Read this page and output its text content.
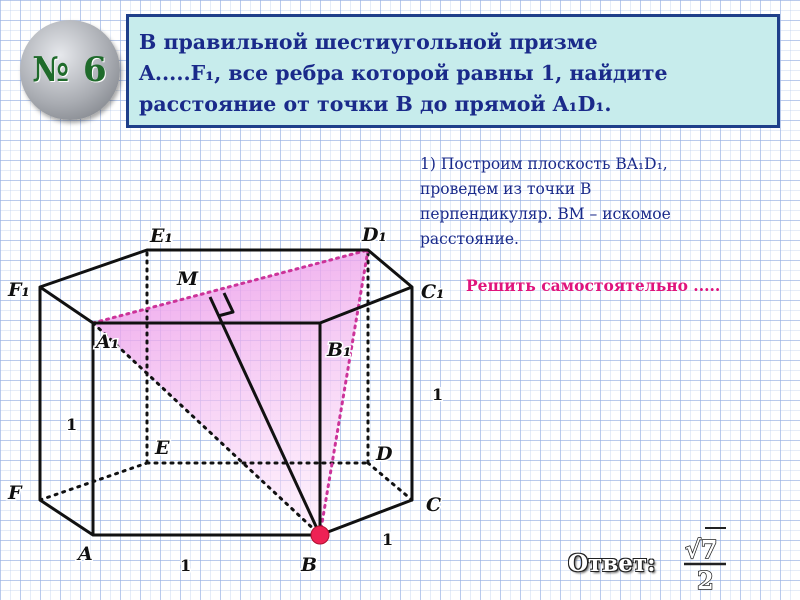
№ 6

В правильной шестиугольной призме
A.....F₁, все ребра которой равны 1, найдите
расстояние от точки B до прямой A₁D₁.

1) Построим плоскость BA₁D₁,
проведем из точки B
перпендикуляр. BM – искомое
расстояние.

Решить самостоятельно .....
Ответ:
A	B
C
D
E
F
A₁	B₁
C₁
D₁
E₁
F₁	M
1
1
1
1	√7
2
